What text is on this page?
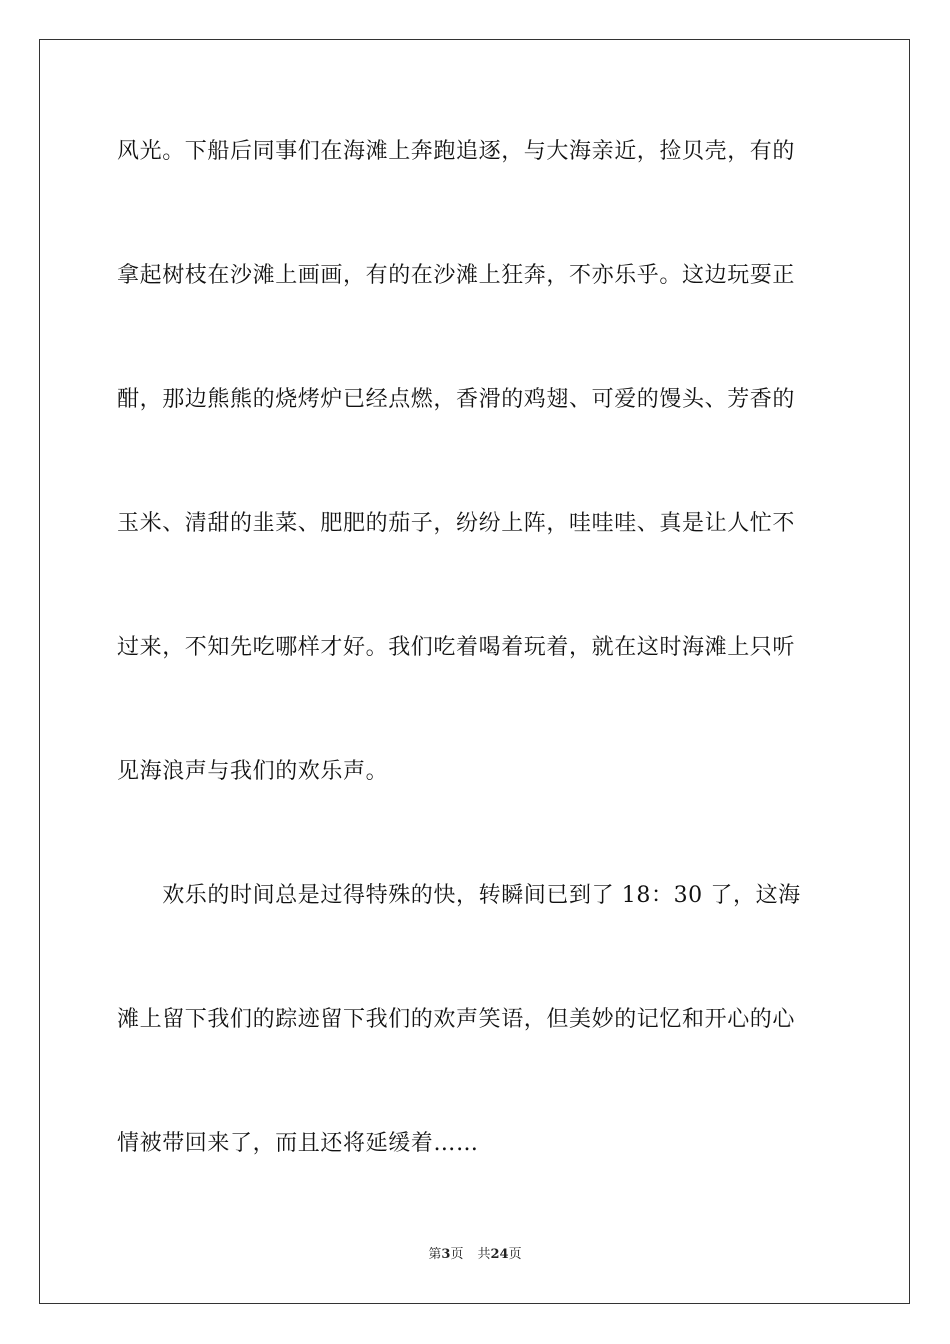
风光。下船后同事们在海滩上奔跑追逐，与大海亲近，捡贝壳，有的
拿起树枝在沙滩上画画，有的在沙滩上狂奔，不亦乐乎。这边玩耍正
酣，那边熊熊的烧烤炉已经点燃，香滑的鸡翅、可爱的馒头、芳香的
玉米、清甜的韭菜、肥肥的茄子，纷纷上阵，哇哇哇、真是让人忙不
过来，不知先吃哪样才好。我们吃着喝着玩着，就在这时海滩上只听
见海浪声与我们的欢乐声。
　　欢乐的时间总是过得特殊的快，转瞬间已到了 18：30 了，这海
滩上留下我们的踪迹留下我们的欢声笑语，但美妙的记忆和开心的心
情被带回来了，而且还将延缓着……
第3页 共24页
